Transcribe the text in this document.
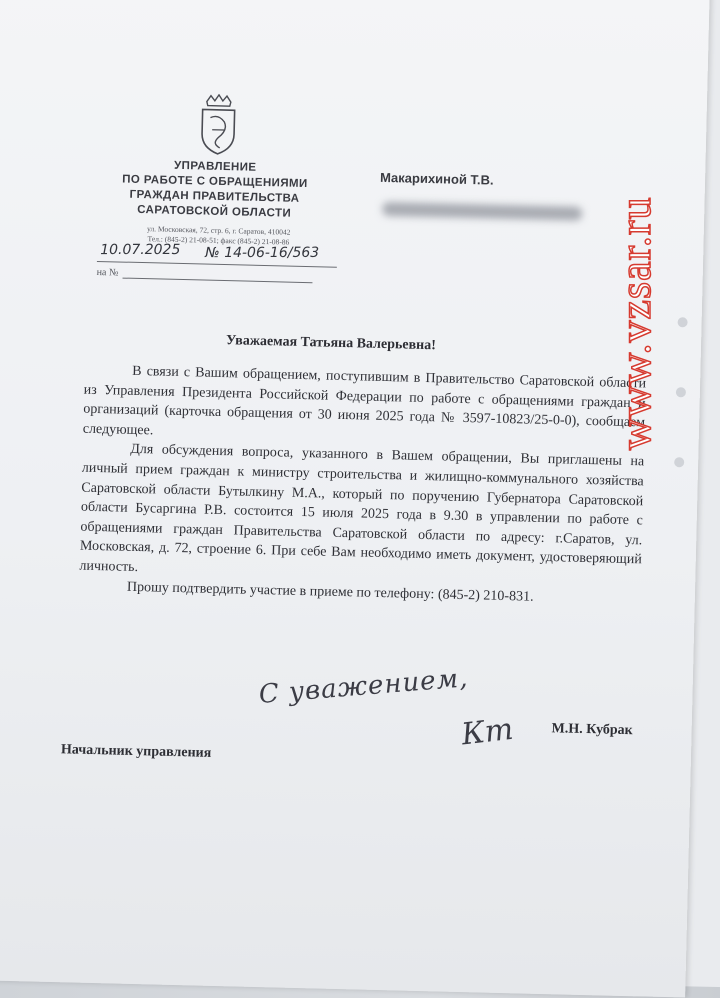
УПРАВЛЕНИЕ
ПО РАБОТЕ С ОБРАЩЕНИЯМИ
ГРАЖДАН ПРАВИТЕЛЬСТВА
САРАТОВСКОЙ ОБЛАСТИ
ул. Московская, 72, стр. 6, г. Саратов, 410042
Тел.: (845-2) 21-08-51; факс (845-2) 21-08-86
10.07.2025 № 14-06-16/563
на №
Макарихиной Т.В.
Уважаемая Татьяна Валерьевна!

В связи с Вашим обращением, поступившим в Правительство Саратовской области из Управления Президента Российской Федерации по работе с обращениями граждан и организаций (карточка обращения от 30 июня 2025 года № 3597-10823/25-0-0), сообщаем следующее.

Для обсуждения вопроса, указанного в Вашем обращении, Вы приглашены на личный прием граждан к министру строительства и жилищно-коммунального хозяйства Саратовской области Бутылкину М.А., который по поручению Губернатора Саратовской области Бусаргина Р.В. состоится 15 июля 2025 года в 9.30 в управлении по работе с обращениями граждан Правительства Саратовской области по адресу: г.Саратов, ул. Московская, д. 72, строение 6. При себе Вам необходимо иметь документ, удостоверяющий личность.

Прошу подтвердить участие в приеме по телефону: (845-2) 210-831.

С уважением,
Кm
Начальник управления
М.Н. Кубрак
www.vzsar.ru
